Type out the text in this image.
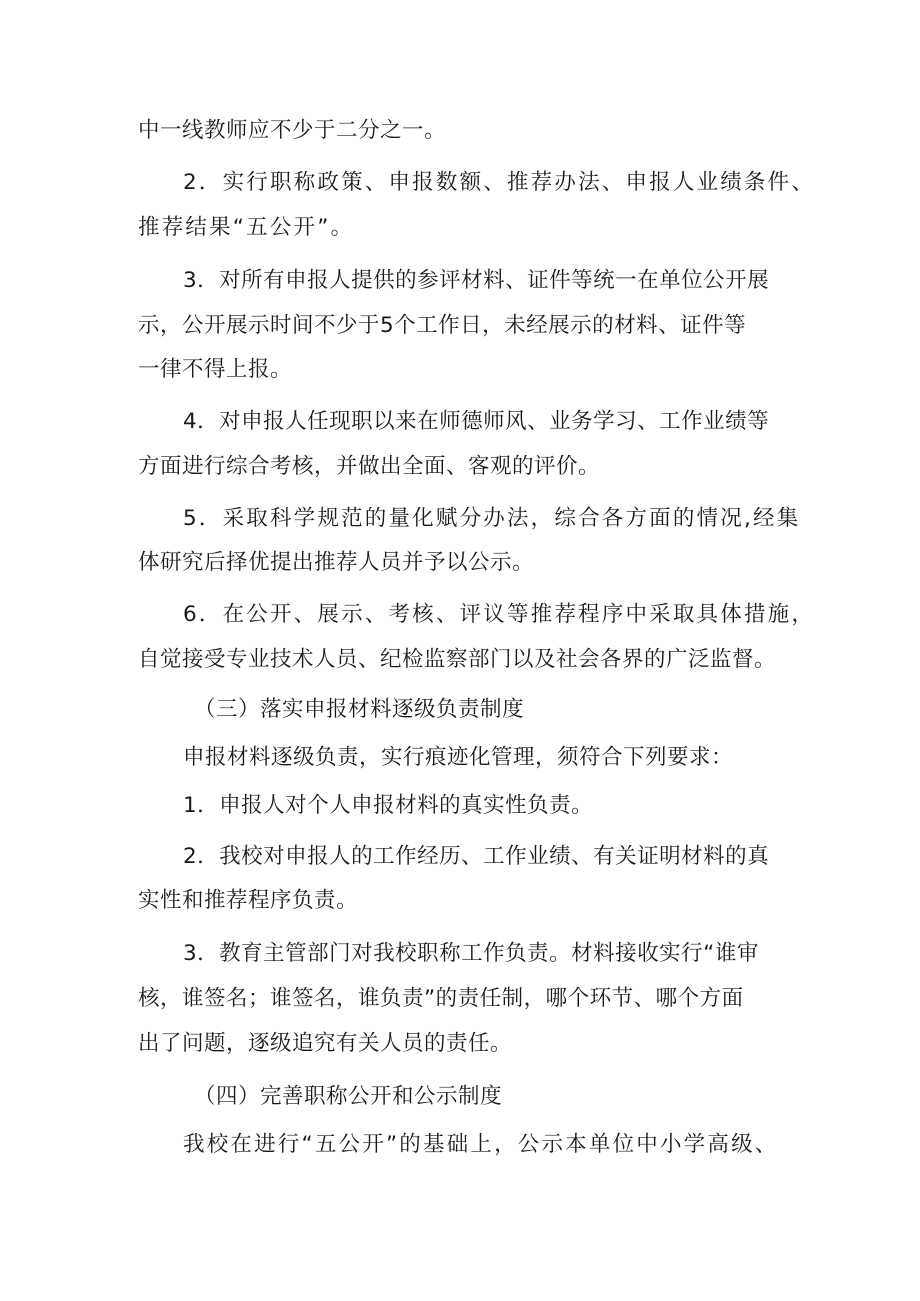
中一线教师应不少于二分之一。
2．实行职称政策、申报数额、推荐办法、申报人业绩条件、
推荐结果“五公开”。
3．对所有申报人提供的参评材料、证件等统一在单位公开展
示，公开展示时间不少于5个工作日，未经展示的材料、证件等
一律不得上报。
4．对申报人任现职以来在师德师风、业务学习、工作业绩等
方面进行综合考核，并做出全面、客观的评价。
5．采取科学规范的量化赋分办法，综合各方面的情况,经集
体研究后择优提出推荐人员并予以公示。
6．在公开、展示、考核、评议等推荐程序中采取具体措施，
自觉接受专业技术人员、纪检监察部门以及社会各界的广泛监督。
（三）落实申报材料逐级负责制度
申报材料逐级负责，实行痕迹化管理，须符合下列要求：
1．申报人对个人申报材料的真实性负责。
2．我校对申报人的工作经历、工作业绩、有关证明材料的真
实性和推荐程序负责。
3．教育主管部门对我校职称工作负责。材料接收实行“谁审
核，谁签名；谁签名，谁负责”的责任制，哪个环节、哪个方面
出了问题，逐级追究有关人员的责任。
（四）完善职称公开和公示制度
我校在进行“五公开”的基础上，公示本单位中小学高级、
